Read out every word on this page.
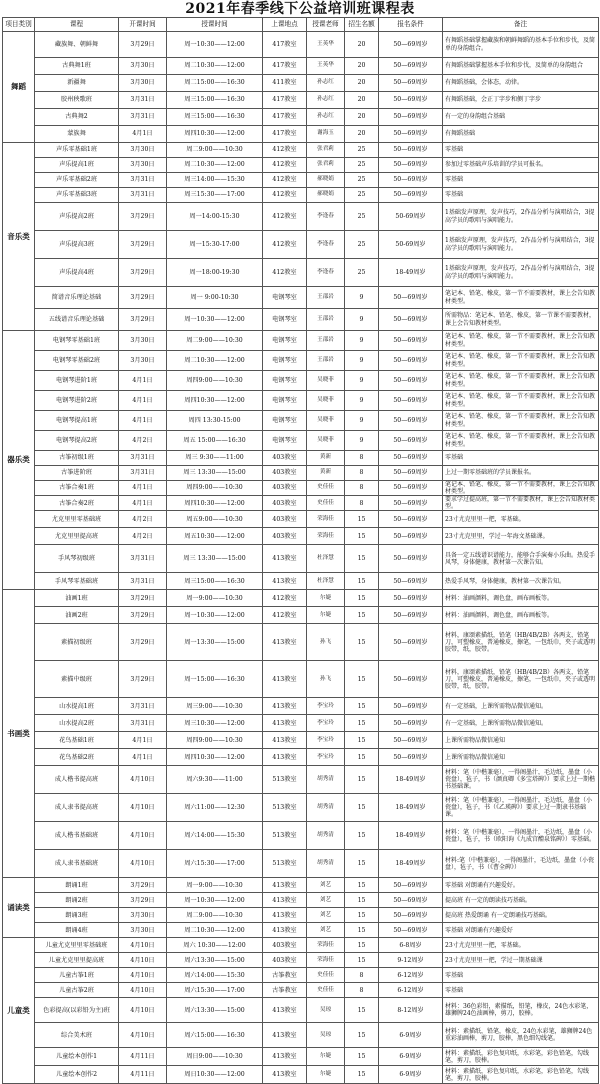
2021年春季线下公益培训班课程表
项目类别	课程	开课时间	授课时间	上课地点	授课老师	招生名额	报名条件	备注
舞蹈	藏族舞、朝鲜舞	3月29日	周一10:30——12:00	417教室	王英华	20	50—69周岁	有舞蹈基础掌握藏族和朝鲜舞蹈的基本手位和步伐，及简单的身韵组合。
	古典舞1班	3月30日	周二10:30——12:00	417教室	王英华	20	50—69周岁	有舞蹈基础掌握基本手位和步伐，及简单的身韵组合
	新疆舞	3月30日	周二15:00——16:30	411教室	孙志红	20	50—69周岁	有舞蹈基础，会体态，动律。
	胶州秧歌班	3月31日	周三15:00——16:30	417教室	孙志红	20	50—69周岁	有舞蹈基础，会正丁字步和侧丁字步
	古典舞2	3月31日	周三15:00——16:30	417教室	孙志红	20	50—69周岁	有一定的身韵组合基础
	蒙族舞	4月1日	周四10:30——12:00	417教室	谢海玉	20	50—69周岁	有舞蹈基础
音乐类	声乐零基础1班	3月30日	周二9:00——10:30	412教室	张君莉	25	50—69周岁	零基础
	声乐提高1班	3月30日	周二10:30——12:00	412教室	张君莉	25	50—69周岁	参加过零基础声乐培训的学员可报名。
	声乐零基础2班	3月31日	周三14:00——15:30	412教室	郝晓娟	25	50—69周岁	零基础
	声乐零基础3班	3月31日	周三15:30——17:00	412教室	郝晓娟	25	50—69周岁	零基础
	声乐提高2班	3月29日	周一14:00-15:30	412教室	李逢春	25	50-69周岁	1基础发声原理，发声技巧，2作品分析与演唱结合，3提高学员的歌唱与演唱能力。
	声乐提高3班	3月29日	周一15:30-17:00	412教室	李逢春	25	50-69周岁	1基础发声原理，发声技巧，2作品分析与演唱结合，3提高学员的歌唱与演唱能力。
	声乐提高4班	3月29日	周一18:00-19:30	412教室	李逢春	25	18-49周岁	1基础发声原理，发声技巧，2作品分析与演唱结合，3提高学员的歌唱与演唱能力。
	简谱音乐理论基础	3月29日	周一 9:00-10:30	电钢琴室	王邵岩	9	50—69周岁	笔记本、铅笔、橡皮，第一节不需要教材，课上会告知教材类型。
	五线谱音乐理论基础	3月29日	周一10:30——12:00	电钢琴室	王邵岩	9	50—69周岁	所需物品：笔记本、铅笔、橡皮，第一节课不需要教材，课上会告知教材类型。
器乐类	电钢琴零基础1班	3月30日	周二9:00——10:30	电钢琴室	王邵岩	9	50—69周岁	笔记本、铅笔、橡皮，第一节不需要教材，课上会告知教材类型。
	电钢琴零基础2班	3月30日	周二10:30——12:00	电钢琴室	王邵岩	9	50—69周岁	笔记本、铅笔、橡皮，第一节不需要教材，课上会告知教材类型。
	电钢琴进阶1班	4月1日	周四9:00——10:30	电钢琴室	吴晓菲	9	50—69周岁	笔记本、铅笔、橡皮，第一节不需要教材，课上会告知教材类型。
	电钢琴进阶2班	4月1日	周四10:30——12:00	电钢琴室	吴晓菲	9	50—69周岁	笔记本、铅笔、橡皮，第一节不需要教材，课上会告知教材类型。
	电钢琴提高1班	4月1日	周四 13:30-15:00	电钢琴室	吴晓菲	9	50—69周岁	笔记本、铅笔、橡皮，第一节不需要教材，课上会告知教材类型。
	电钢琴提高2班	4月2日	周五 15:00——16:30	电钢琴室	吴晓菲	9	50—69周岁	笔记本、铅笔、橡皮，第一节不需要教材，课上会告知教材类型。
	古筝初级1班	3月31日	周三 9:30——11:00	403教室	黄新	8	50—69周岁	零基础
	古筝进阶班	3月31日	周三 13:30——15:00	403教室	黄新	8	50—69周岁	上过一期零基础班的学员课报名。
	古筝合奏1班	4月1日	周四9:00——10:30	403教室	史佳佳	8	50—69周岁	笔记本、铅笔、橡皮，第一节不需要教材，课上会告知教材类型。
	古筝合奏2班	4月1日	周四10:30——12:00	403教室	史佳佳	8	50—69周岁	要求学过提高班，第一节不需要教材，课上会告知教材类型。
	尤克里里零基础班	4月2日	周五9:00——10:30	403教室	荣海佳	15	50—69周岁	23寸尤克里里一把，零基础。
	尤克里里提高班	4月2日	周五10:30——12:00	403教室	荣海佳	15	50—69周岁	23寸尤克里里，学过一年海文基础课。
	手风琴初级班	3月31日	周三 13:30——15:00	413教室	杜泽慧	15	50—69周岁	具备一定五线谱识谱能力，能够合手演奏小乐曲。热爱手风琴，身体健康，教材第一次课告知。
	手风琴零基础班	3月31日	周三15:00——16:30	413教室	杜泽慧	15	50—69周岁	热爱手风琴，身体健康，教材第一次课告知。
书画类	油画1班	3月29日	周一9:00——10:30	412教室	尔婕	15	50—69周岁	材料：油画颜料，调色盘，画布画板等。
	油画2班	3月29日	周一10:30——12:00	412教室	尔婕	15	50—69周岁	材料：油画颜料，调色盘，画布画板等。
	素描初级班	3月29日	周一13:30——15:00	413教室	孙飞	15	50—69周岁	材料，康颂素描纸，铅笔（HB/4B/2B）各两支，铅笔刀，可塑橡皮，普通橡皮，擦笔，一包纸巾，夹子或透明胶带，纸，胶带。
	素描中级班	3月29日	周一15:00——16:30	413教室	孙飞	15	50—69周岁	材料，康颂素描纸，铅笔（HB/4B/2B）各两支，铅笔刀，可塑橡皮，普通橡皮，擦笔，一包纸巾，夹子或透明胶带，纸，胶带。
	山水提高1班	3月31日	周三9:00——10:30	413教室	李宝玲	15	50—69周岁	有一定基础，上课所需物品微信通知。
	山水提高2班	3月31日	周三10:30——12:00	413教室	李宝玲	15	50—69周岁	有一定基础，上课所需物品微信通知。
	花鸟基础1班	4月1日	周四9:00——10:30	413教室	李宝玲	15	50—69周岁	上课所需物品微信通知
	花鸟基础2班	4月1日	周四10:30——12:00	413教室	李宝玲	15	50—69周岁	上课所需物品微信通知
	成人楷书提高班	4月10日	周六9:30——11:00	513教室	胡秀清	15	18-49周岁	材料：笔（中楷兼毫），一得阁墨汁，毛边纸，墨盘（小瓷盘），毡子，书（颜真卿《多宝塔碑》）要求上过一期楷书基础课。
	成人隶书提高班	4月10日	周六11:00——12:30	513教室	胡秀清	15	18-49周岁	材料：笔（中楷兼毫），一得阁墨汁，毛边纸，墨盘（小瓷盘），毡子，书（《乙瑛碑》）要求上过一期隶书基础课。
	成人楷书基础班	4月10日	周六14:00——15:30	513教室	胡秀清	15	18-49周岁	材料：笔（中楷兼毫），一得阁墨汁，毛边纸，墨盘（小瓷盘），毡子，书（欧阳询《九成宫醴泉铭碑》）零基础。
	成人隶书基础班	4月10日	周六15:30——17:00	513教室	胡秀清	15	18-49周岁	材料:笔（中楷兼毫），一得阁墨汁，毛边纸，墨盘（小瓷盘），毡子，书（《曹全碑》）
诵读类	朗诵1班	3月29日	周一9:00——10:30	413教室	刘艺	15	50—69周岁	零基础 对朗诵有兴趣爱好。
	朗诵2班	3月29日	周一10:30——12:00	413教室	刘艺	15	50—69周岁	提高班 有一定的朗读技巧基础。
	朗诵3班	3月30日	周二9:00——10:30	413教室	刘艺	15	50—69周岁	提高班 热爱朗诵 有一定朗诵技巧基础。
	朗诵4班	3月30日	周二10:30——12:00	413教室	刘艺	15	50—69周岁	零基础 对朗诵有兴趣爱好
儿童类	儿童尤克里里零基础班	4月10日	周六 10:30——12:00	403教室	荣海佳	15	6-8周岁	23寸尤克里里一把，零基础。
	儿童尤克里里提高班	4月10日	周六13:30——15:00	403教室	荣海佳	15	9-12周岁	23寸尤克里里一把，学过一期基础课
	儿童古筝1班	4月10日	周六14:00——15:30	古筝教室	史佳佳	8	6-12周岁	零基础
	儿童古筝2班	4月10日	周六15:30——17:00	古筝教室	史佳佳	8	6-12周岁	零基础
	色彩提高(以彩铅为主)班	4月10日	周六13:30——15:00	413教室	吴琼	15	8-12周岁	材料：36色彩铅，素描纸，铅笔，橡皮，24色水彩笔，雄狮牌24色油画棒，剪刀，胶棒。
	综合美术班	4月10日	周六15:00——16:30	413教室	吴琼	15	6-9周岁	材料：素描纸，铅笔，橡皮，24色水彩笔，雄狮牌24色重彩油画棒，剪刀，胶棒，黑色细勾线笔。
	儿童绘本创作1	4月11日	周日9:00——10:30	413教室	尔婕	15	6-9周岁	材料：素描纸，彩色复印纸，水彩笔，彩色铅笔，勾线笔，剪刀，胶棒。
	儿童绘本创作2	4月11日	周日10:30——12:00	413教室	尔婕	15	6-9周岁	材料：素描纸，彩色复印纸，水彩笔，彩色铅笔，勾线笔，剪刀，胶棒。
